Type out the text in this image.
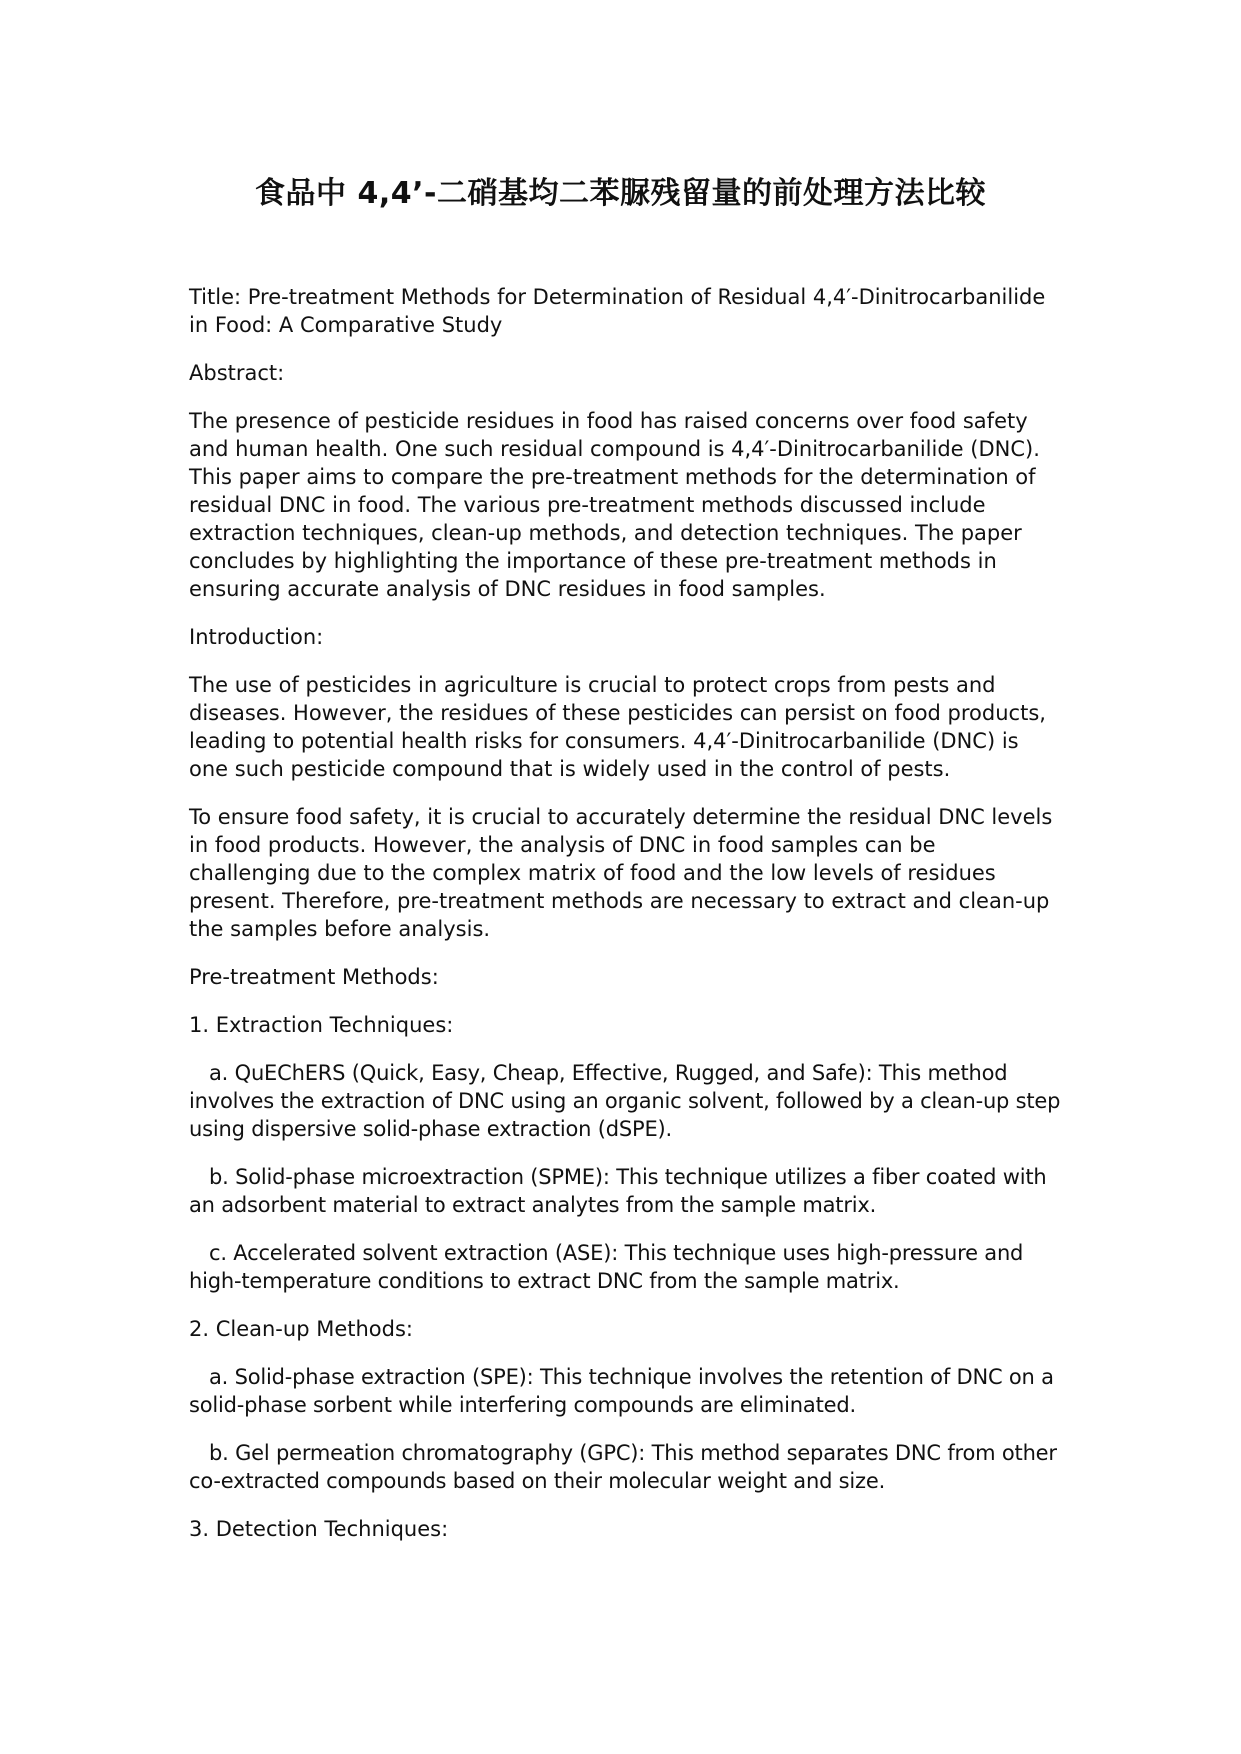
食品中 4,4’-二硝基均二苯脲残留量的前处理方法比较

Title: Pre-treatment Methods for Determination of Residual 4,4′-Dinitrocarbanilide in Food: A Comparative Study

Abstract:

The presence of pesticide residues in food has raised concerns over food safety and human health. One such residual compound is 4,4′-Dinitrocarbanilide (DNC). This paper aims to compare the pre-treatment methods for the determination of residual DNC in food. The various pre-treatment methods discussed include extraction techniques, clean-up methods, and detection techniques. The paper concludes by highlighting the importance of these pre-treatment methods in ensuring accurate analysis of DNC residues in food samples.

Introduction:

The use of pesticides in agriculture is crucial to protect crops from pests and diseases. However, the residues of these pesticides can persist on food products, leading to potential health risks for consumers. 4,4′-Dinitrocarbanilide (DNC) is one such pesticide compound that is widely used in the control of pests.

To ensure food safety, it is crucial to accurately determine the residual DNC levels in food products. However, the analysis of DNC in food samples can be challenging due to the complex matrix of food and the low levels of residues present. Therefore, pre-treatment methods are necessary to extract and clean-up the samples before analysis.

Pre-treatment Methods:

1. Extraction Techniques:

a. QuEChERS (Quick, Easy, Cheap, Effective, Rugged, and Safe): This method involves the extraction of DNC using an organic solvent, followed by a clean-up step using dispersive solid-phase extraction (dSPE).

b. Solid-phase microextraction (SPME): This technique utilizes a fiber coated with an adsorbent material to extract analytes from the sample matrix.

c. Accelerated solvent extraction (ASE): This technique uses high-pressure and high-temperature conditions to extract DNC from the sample matrix.

2. Clean-up Methods:

a. Solid-phase extraction (SPE): This technique involves the retention of DNC on a solid-phase sorbent while interfering compounds are eliminated.

b. Gel permeation chromatography (GPC): This method separates DNC from other co-extracted compounds based on their molecular weight and size.

3. Detection Techniques:
